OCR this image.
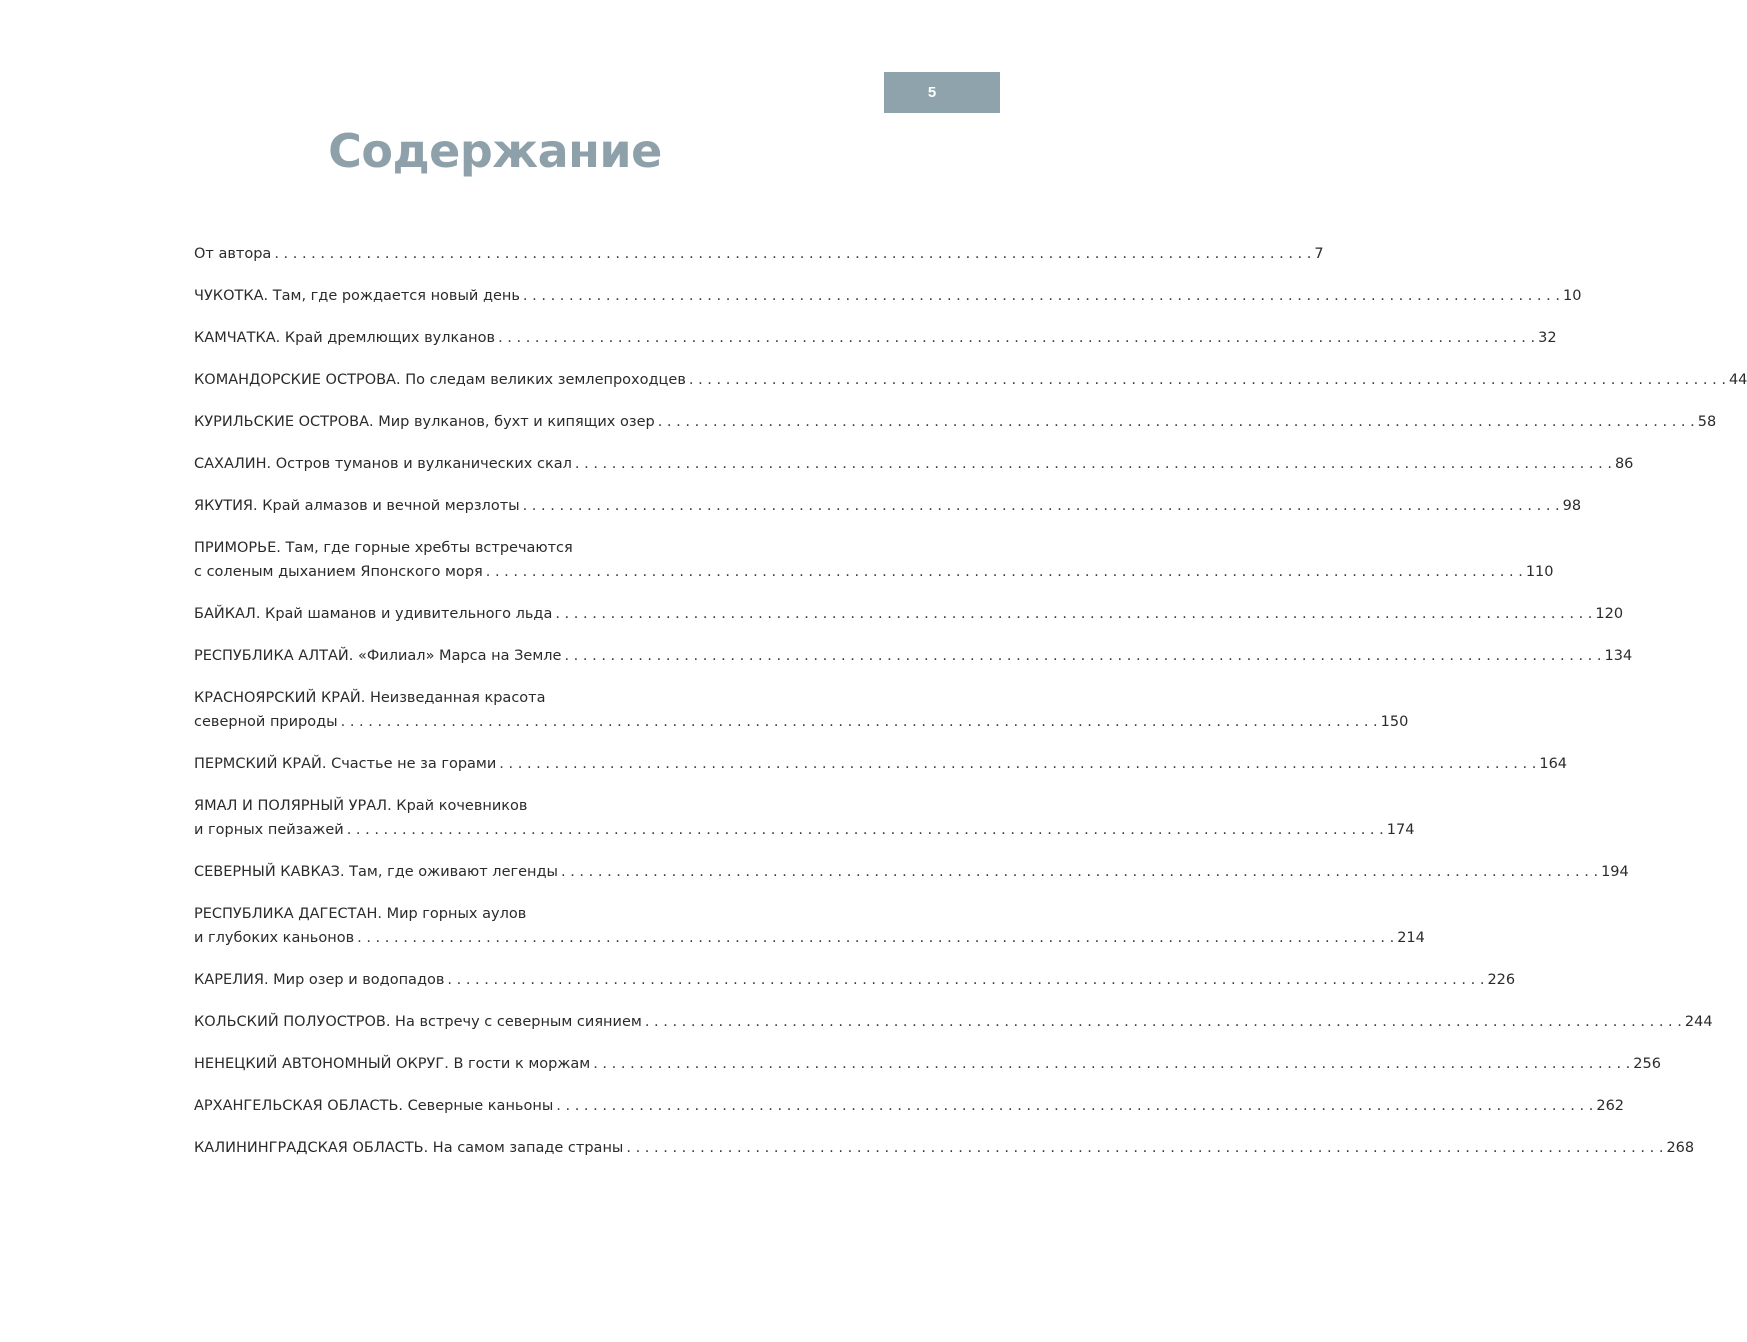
5
Содержание
От автора . . .	7
ЧУКОТКА. Там, где рождается новый день . . .	10
КАМЧАТКА. Край дремлющих вулканов . . .	32
КОМАНДОРСКИЕ ОСТРОВА. По следам великих землепроходцев . . .	44
КУРИЛЬСКИЕ ОСТРОВА. Мир вулканов, бухт и кипящих озер . . .	58
САХАЛИН. Остров туманов и вулканических скал . . .	86
ЯКУТИЯ. Край алмазов и вечной мерзлоты . . .	98
ПРИМОРЬЕ. Там, где горные хребты встречаются
с соленым дыханием Японского моря . . .	110
БАЙКАЛ. Край шаманов и удивительного льда . . .	120
РЕСПУБЛИКА АЛТАЙ. «Филиал» Марса на Земле . . .	134
КРАСНОЯРСКИЙ КРАЙ. Неизведанная красота
северной природы . . .	150
ПЕРМСКИЙ КРАЙ. Счастье не за горами . . .	164
ЯМАЛ И ПОЛЯРНЫЙ УРАЛ. Край кочевников
и горных пейзажей . . .	174
СЕВЕРНЫЙ КАВКАЗ. Там, где оживают легенды . . .	194
РЕСПУБЛИКА ДАГЕСТАН. Мир горных аулов
и глубоких каньонов . . .	214
КАРЕЛИЯ. Мир озер и водопадов . . .	226
КОЛЬСКИЙ ПОЛУОСТРОВ. На встречу с северным сиянием . . .	244
НЕНЕЦКИЙ АВТОНОМНЫЙ ОКРУГ. В гости к моржам . . .	256
АРХАНГЕЛЬСКАЯ ОБЛАСТЬ. Северные каньоны . . .	262
КАЛИНИНГРАДСКАЯ ОБЛАСТЬ. На самом западе страны . . .	268
